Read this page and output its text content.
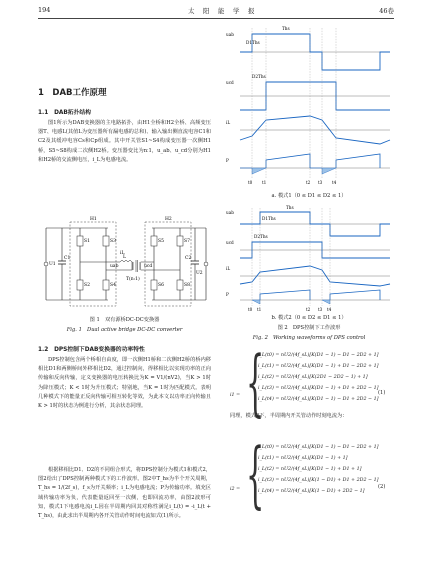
194	太　阳　能　学　报	46卷
1　DAB工作原理
1.1　DAB拓扑结构
图1所示为DAB变换器的主电路拓扑，由H1全桥和H2全桥、高频变压器T、电感L(其值L为变压器所有漏电感的总和)、输入输出侧直流电容C1和C2及其缓冲电容Cs和Cp组成。其中开关管S1~S4构成变压器一次侧H1桥，S5~S8构成二次侧H2桥。变压器变比为n∶1，u_ab、u_cd分别为H1和H2桥的交流侧电压，i_L为电感电流。
H1	H2
U1
C1
S1	S3
S2	S4
uab
L
iL
T(n:1)
ucd
S5	S7
S6	S8
C2
U2
图 1　双有源桥DC-DC变换器
Fig. 1　Dual active bridge DC-DC converter
1.2　DPS控制下DAB变换器的功率特性
DPS控制包含两个桥相自由度，即一次侧H1桥和二次侧H2桥的桥内移相比D1和两侧桥间外移相比D2，通过控制向，得移相比以实现功率的正向传输和反向传输，定义变换器的电压转换比为K = V1/(nV2)，当K > 1时为降压模式；K < 1时为升压模式；特别地，当K = 1时为匹配模式。表明几种模式下的能量正反向传输可相互转化等效，为此本文以功率正向传输且K > 1时的状态为例进行分析，其余状态同理。
根据移相比D1、D2的不同组合形式，将DPS控制分为模式1和模式2，图2给出了DPS控制两种模式下的工作波形。图2中T_hs为半个开关周期，T_hs = 1/(2f_s)，f_s为开关频率；i_L为电感电流；P为传输功率。填充区域传输功率为负，代表能量返回至一次侧，也即回流功率，由图2波形可知，模式1下电感电流i_L因在半周期内回其对称性满足i_L(t) = -i_L(t + T_hs)，由此求出半周期内各开关管动作时间电流如式(1)所示。
uab
ucd
iL
P
D1Ths
D2Ths
Ths
t0 t1	t2 t3 t4
a. 模式1（0 ≤ D1 ≤ D2 ≤ 1）
uab
ucd
iL
P
D1Ths
D2Ths
Ths
t0 t1	t2 t3 t4
b. 模式2（0 ≤ D2 ≤ D1 ≤ 1）
图 2　DPS控制下工作波形
Fig. 2　Working waveforms of DPS control
i1 = {
i_L(t0) = nU2/(4f_sL)[K(D1 − 1) − D1 − 2D2 + 1]
i_L(t1) = nU2/(4f_sL)[K(D1 − 1) + D1 − 2D2 + 1]
i_L(t2) = nU2/(4f_sL)[K(2D1 − 2D2 − 1) + 1]
i_L(t3) = nU2/(4f_sL)[K(D1 − 1) + D1 + 2D2 − 1]
i_L(t4) = nU2/(4f_sL)[K(D1 − 1) − D1 + 2D2 − 1]
(1)
同理，模式2下，半周期内开关管动作时刻电流为：
i2 = {
i_L(t0) = nU2/(4f_sL)[K(D1 − 1) − D1 − 2D2 + 1]
i_L(t1) = nU2/(4f_sL)[K(D1 − 1) + 1]
i_L(t2) = nU2/(4f_sL)[K(D1 − 1) + D1 + 1]
i_L(t3) = nU2/(4f_sL)[K(1 − D1) + D1 + 2D2 − 1]
i_L(t4) = nU2/(4f_sL)[K(1 − D1) + 2D2 − 1]
(2)
